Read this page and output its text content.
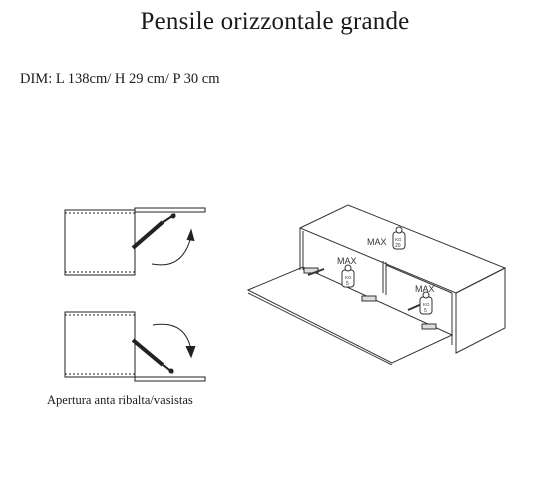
Pensile orizzontale grande
DIM: L 138cm/ H 29 cm/ P 30 cm
Apertura anta ribalta/vasistas
MAX KG
20
MAX
KG
5	MAX
KG
5
